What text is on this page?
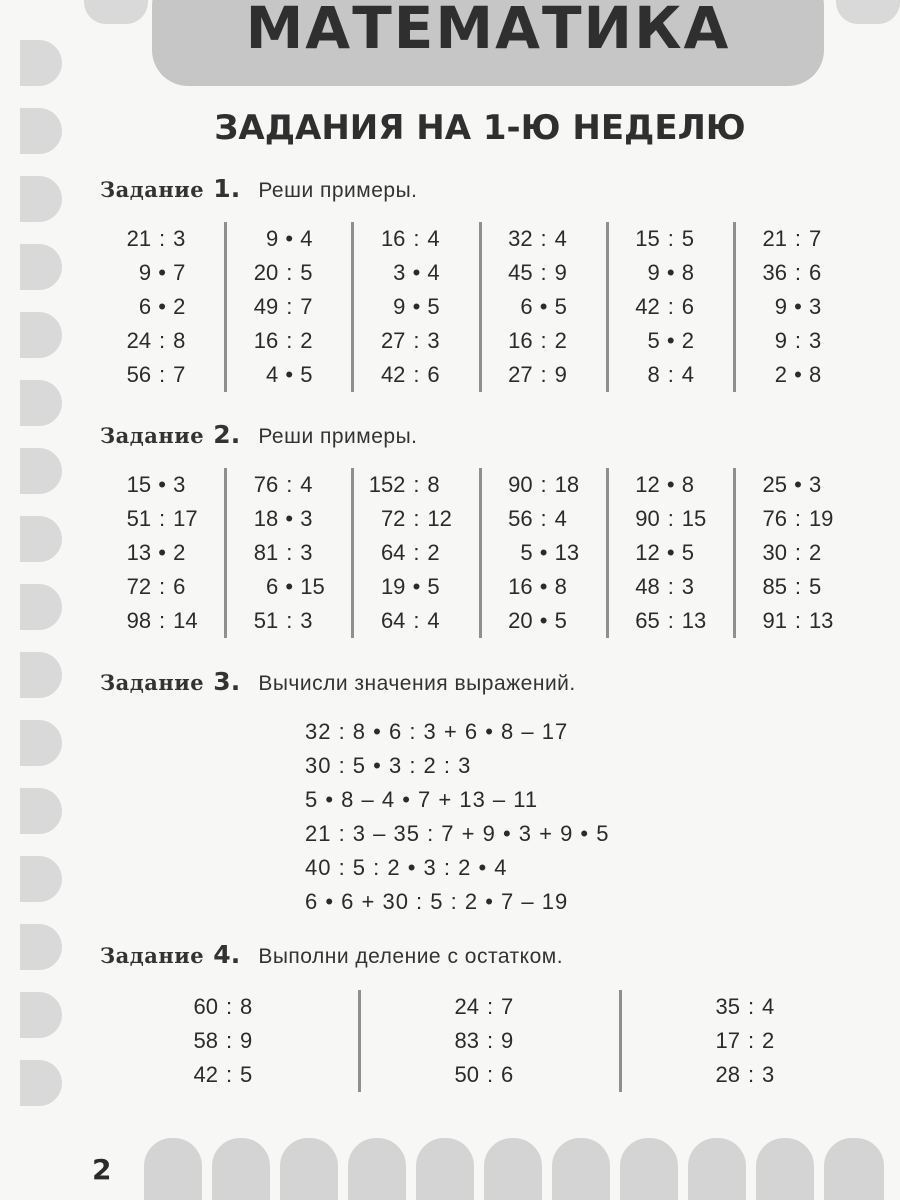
МАТЕМАТИКА
ЗАДАНИЯ НА 1-Ю НЕДЕЛЮ
Задание 1. Реши примеры.
21 : 3
9 • 7
6 • 2
24 : 8
56 : 7
9 • 4
20 : 5
49 : 7
16 : 2
4 • 5
16 : 4
3 • 4
9 • 5
27 : 3
42 : 6
32 : 4
45 : 9
6 • 5
16 : 2
27 : 9
15 : 5
9 • 8
42 : 6
5 • 2
8 : 4
21 : 7
36 : 6
9 • 3
9 : 3
2 • 8
Задание 2. Реши примеры.
15 • 3
51 : 17
13 • 2
72 : 6
98 : 14
76 : 4
18 • 3
81 : 3
6 • 15
51 : 3
152 : 8
72 : 12
64 : 2
19 • 5
64 : 4
90 : 18
56 : 4
5 • 13
16 • 8
20 • 5
12 • 8
90 : 15
12 • 5
48 : 3
65 : 13
25 • 3
76 : 19
30 : 2
85 : 5
91 : 13
Задание 3. Вычисли значения выражений.
32 : 8 • 6 : 3 + 6 • 8 – 17
30 : 5 • 3 : 2 : 3
5 • 8 – 4 • 7 + 13 – 11
21 : 3 – 35 : 7 + 9 • 3 + 9 • 5
40 : 5 : 2 • 3 : 2 • 4
6 • 6 + 30 : 5 : 2 • 7 – 19
Задание 4. Выполни деление с остатком.
60 : 8
58 : 9
42 : 5
24 : 7
83 : 9
50 : 6
35 : 4
17 : 2
28 : 3
2
